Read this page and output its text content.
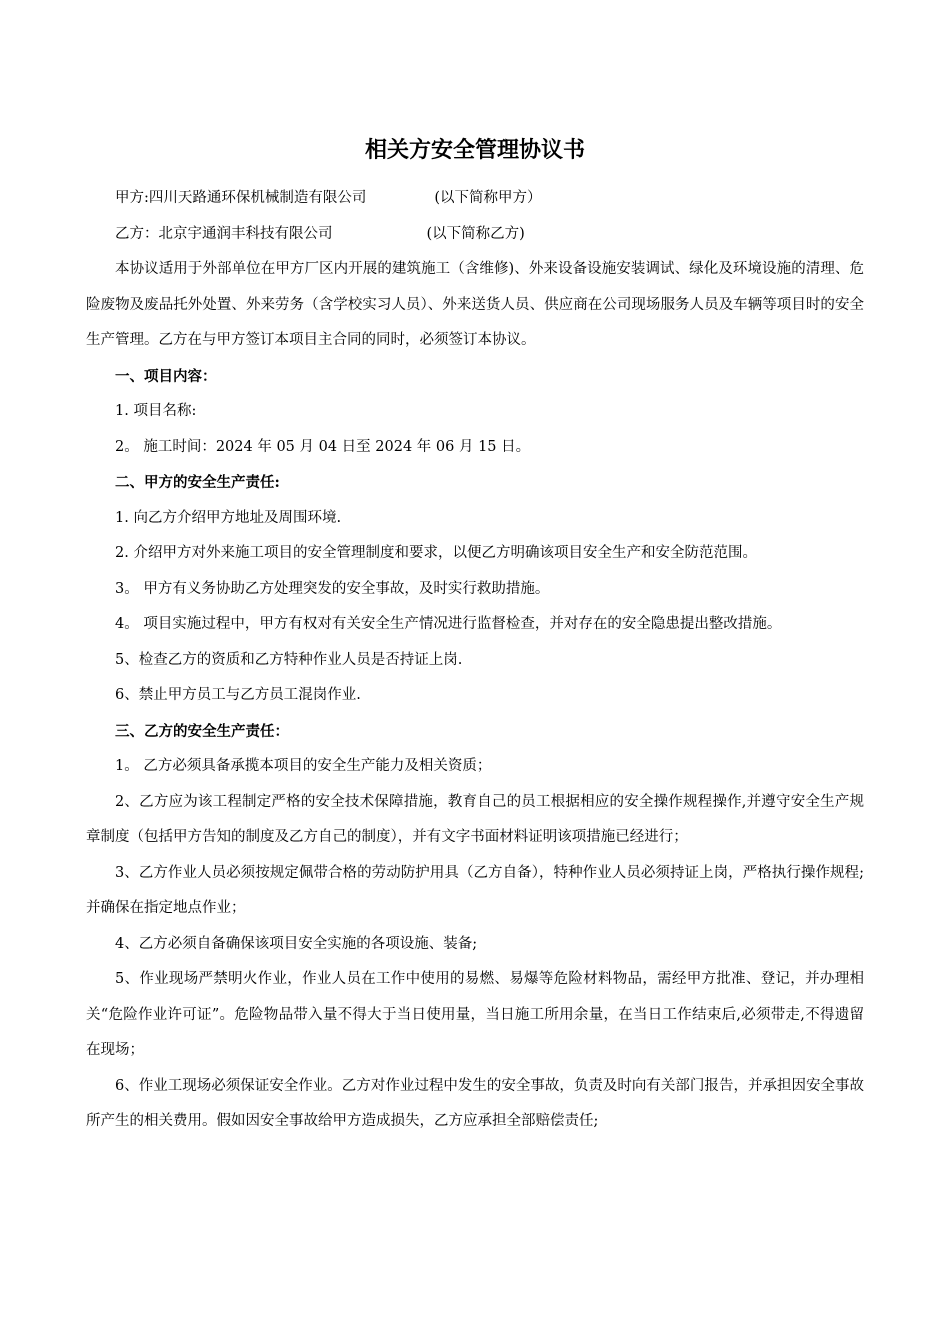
相关方安全管理协议书

甲方:四川天路通环保机械制造有限公司	(以下简称甲方）

乙方：北京宇通润丰科技有限公司	(以下简称乙方)

本协议适用于外部单位在甲方厂区内开展的建筑施工（含维修)、外来设备设施安装调试、绿化及环境设施的清理、危险废物及废品托外处置、外来劳务（含学校实习人员）、外来送货人员、供应商在公司现场服务人员及车辆等项目时的安全生产管理。乙方在与甲方签订本项目主合同的同时，必须签订本协议。

一、项目内容：

1. 项目名称:

2。 施工时间：2024 年 05 月 04 日至 2024 年 06 月 15 日。

二、甲方的安全生产责任:

1. 向乙方介绍甲方地址及周围环境.

2. 介绍甲方对外来施工项目的安全管理制度和要求，以便乙方明确该项目安全生产和安全防范范围。

3。 甲方有义务协助乙方处理突发的安全事故，及时实行救助措施。

4。 项目实施过程中，甲方有权对有关安全生产情况进行监督检查，并对存在的安全隐患提出整改措施。

5、检查乙方的资质和乙方特种作业人员是否持证上岗.

6、禁止甲方员工与乙方员工混岗作业.

三、乙方的安全生产责任：

1。 乙方必须具备承揽本项目的安全生产能力及相关资质；

2、乙方应为该工程制定严格的安全技术保障措施，教育自己的员工根据相应的安全操作规程操作,并遵守安全生产规章制度（包括甲方告知的制度及乙方自己的制度），并有文字书面材料证明该项措施已经进行；

3、乙方作业人员必须按规定佩带合格的劳动防护用具（乙方自备），特种作业人员必须持证上岗，严格执行操作规程;并确保在指定地点作业；

4、乙方必须自备确保该项目安全实施的各项设施、装备;

5、作业现场严禁明火作业，作业人员在工作中使用的易燃、易爆等危险材料物品，需经甲方批准、登记，并办理相关“危险作业许可证”。危险物品带入量不得大于当日使用量，当日施工所用余量，在当日工作结束后,必须带走,不得遗留在现场；

6、作业工现场必须保证安全作业。乙方对作业过程中发生的安全事故，负责及时向有关部门报告，并承担因安全事故所产生的相关费用。假如因安全事故给甲方造成损失，乙方应承担全部赔偿责任;
